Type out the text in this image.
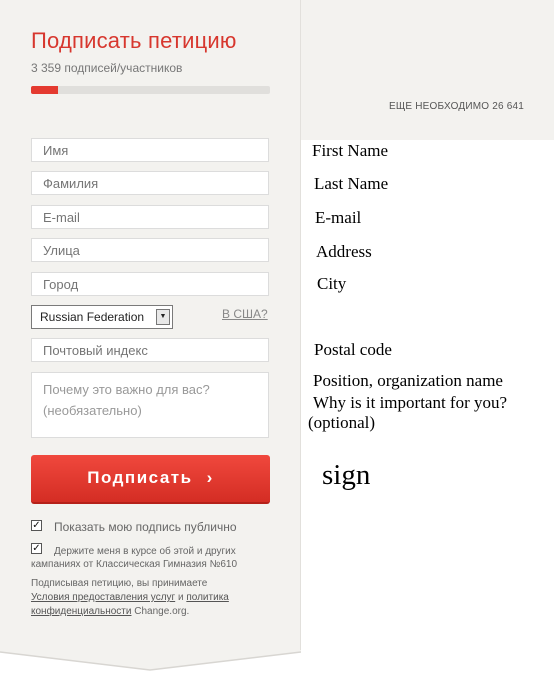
Подписать петицию
3 359 подписей/участников
ЕЩЕ НЕОБХОДИМО 26 641
Имя
Фамилия
E-mail
Улица
Город
Russian Federation	▼	В США?
Почтовый индекс
Почему это важно для вас?
(необязательно)
Подписать ›
✓ Показать мою подпись публично
✓ Держите меня в курсе об этой и других
кампаниях от Классическая Гимназия №610
Подписывая петицию, вы принимаете
Условия предоставления услуг и политика
конфиденциальности Change.org.
First Name
Last Name
E-mail
Address
City
Postal code
Position, organization name
Why is it important for you?
(optional)
sign
